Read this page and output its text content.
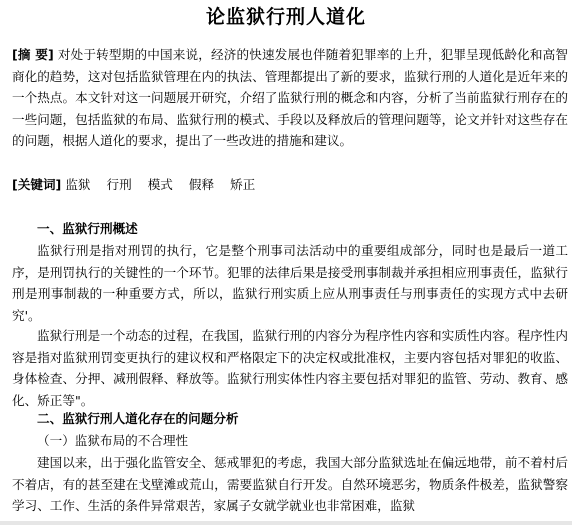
论监狱行刑人道化

[摘 要] 对处于转型期的中国来说，经济的快速发展也伴随着犯罪率的上升，犯罪呈现低龄化和高智商化的趋势，这对包括监狱管理在内的执法、管理都提出了新的要求，监狱行刑的人道化是近年来的一个热点。本文针对这一问题展开研究，介绍了监狱行刑的概念和内容，分析了当前监狱行刑存在的一些问题，包括监狱的布局、监狱行刑的模式、手段以及释放后的管理问题等，论文并针对这些存在的问题，根据人道化的要求，提出了一些改进的措施和建议。

[关键词] 监狱 行刑 模式 假释 矫正

一、监狱行刑概述

监狱行刑是指对刑罚的执行，它是整个刑事司法活动中的重要组成部分，同时也是最后一道工序，是刑罚执行的关键性的一个环节。犯罪的法律后果是接受刑事制裁并承担相应刑事责任，监狱行刑是刑事制裁的一种重要方式，所以，监狱行刑实质上应从刑事责任与刑事责任的实现方式中去研究'。

监狱行刑是一个动态的过程，在我国，监狱行刑的内容分为程序性内容和实质性内容。程序性内容是指对监狱刑罚变更执行的建议权和严格限定下的决定权或批准权，主要内容包括对罪犯的收监、身体检查、分押、减刑假释、释放等。监狱行刑实体性内容主要包括对罪犯的监管、劳动、教育、感化、矫正等"。

二、监狱行刑人道化存在的问题分析

（一）监狱布局的不合理性

建国以来，出于强化监管安全、惩戒罪犯的考虑，我国大部分监狱选址在偏远地带，前不着村后不着店，有的甚至建在戈壁滩或荒山，需要监狱自行开发。自然环境恶劣，物质条件极差，监狱警察学习、工作、生活的条件异常艰苦，家属子女就学就业也非常困难，监狱
